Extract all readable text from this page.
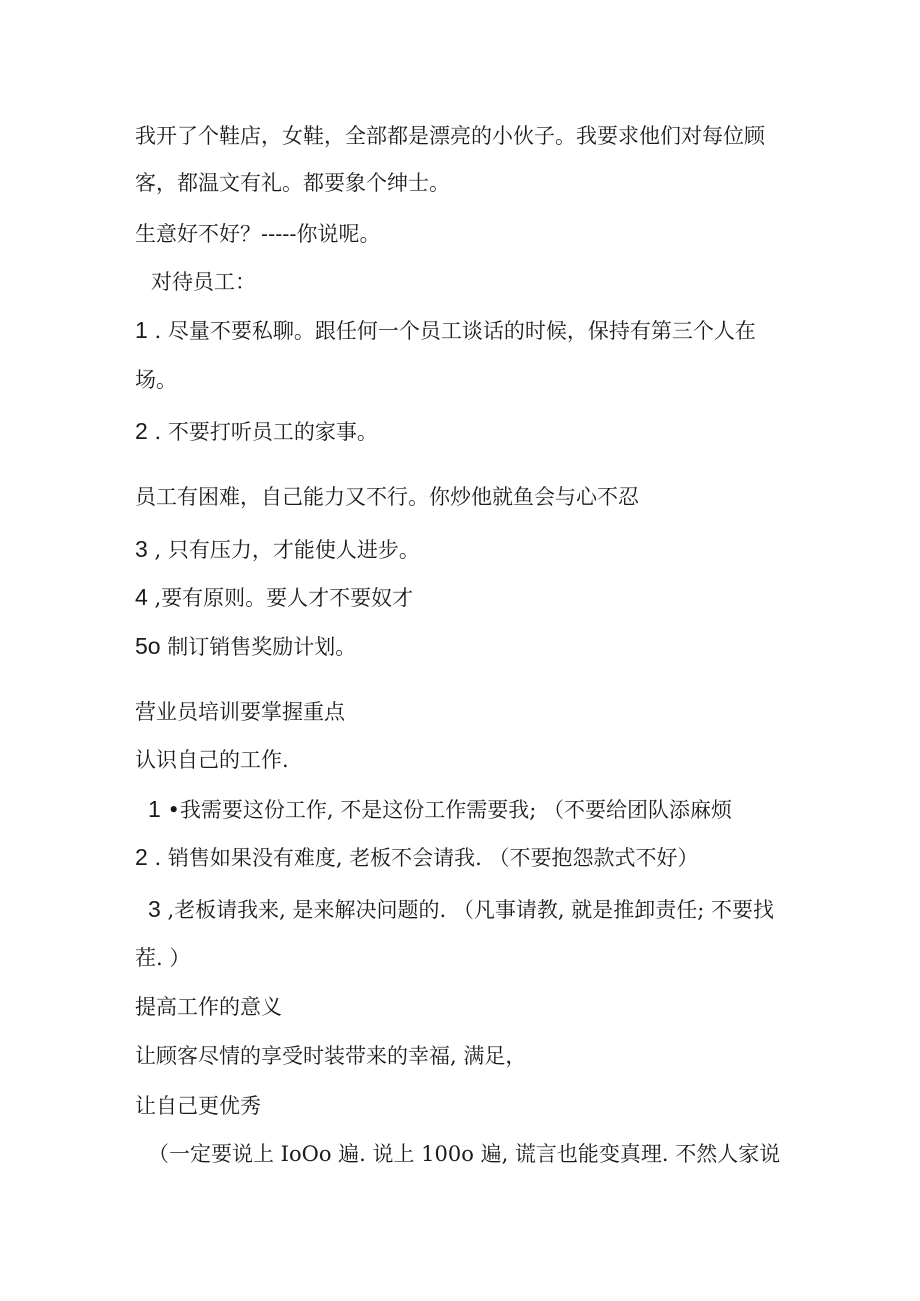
我开了个鞋店，女鞋，全部都是漂亮的小伙子。我要求他们对每位顾
客，都温文有礼。都要象个绅士。
生意好不好？-----你说呢。
对待员工：
1 . 尽量不要私聊。跟任何一个员工谈话的时候，保持有第三个人在
场。
2 . 不要打听员工的家事。
员工有困难，自己能力又不行。你炒他就鱼会与心不忍
3 , 只有压力，才能使人进步。
4 ,要有原则。要人才不要奴才
5o 制订销售奖励计划。
营业员培训要掌握重点
认识自己的工作.
1 •我需要这份工作, 不是这份工作需要我; （不要给团队添麻烦
2 . 销售如果没有难度, 老板不会请我. （不要抱怨款式不好）
3 ,老板请我来, 是来解决问题的. （凡事请教, 就是推卸责任; 不要找
茬. ）
提高工作的意义
让顾客尽情的享受时装带来的幸福, 满足，
让自己更优秀
（一定要说上 IoOo 遍. 说上 100o 遍, 谎言也能变真理. 不然人家说
